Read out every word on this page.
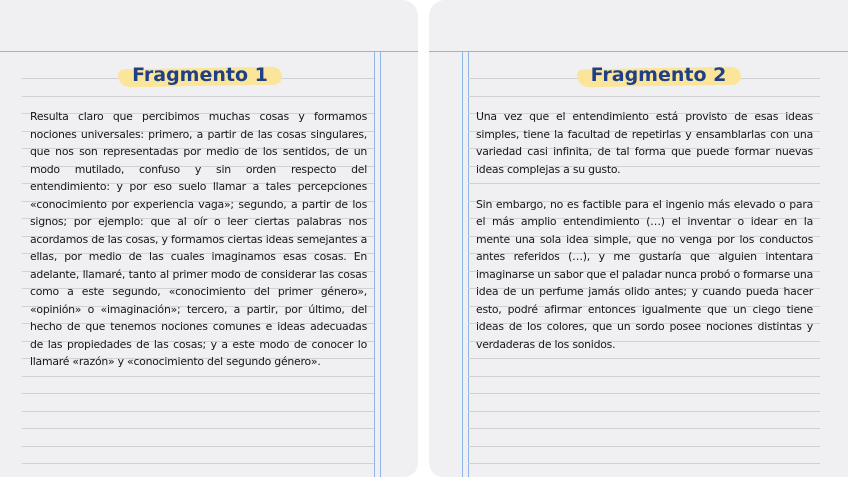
Fragmento 1

Resulta claro que percibimos muchas cosas y formamos nociones universales: primero, a partir de las cosas singulares, que nos son representadas por medio de los sentidos, de un modo mutilado, confuso y sin orden respecto del entendimiento: y por eso suelo llamar a tales percepciones «conocimiento por experiencia vaga»; segundo, a partir de los signos; por ejemplo: que al oír o leer ciertas palabras nos acordamos de las cosas, y formamos ciertas ideas semejantes a ellas, por medio de las cuales imaginamos esas cosas. En adelante, llamaré, tanto al primer modo de considerar las cosas como a este segundo, «conocimiento del primer género», «opinión» o «imaginación»; tercero, a partir, por último, del hecho de que tenemos nociones comunes e ideas adecuadas de las propiedades de las cosas; y a este modo de conocer lo llamaré «razón» y «conocimiento del segundo género».

Fragmento 2

Una vez que el entendimiento está provisto de esas ideas simples, tiene la facultad de repetirlas y ensamblarlas con una variedad casi infinita, de tal forma que puede formar nuevas ideas complejas a su gusto.

Sin embargo, no es factible para el ingenio más elevado o para el más amplio entendimiento (…) el inventar o idear en la mente una sola idea simple, que no venga por los conductos antes referidos (…), y me gustaría que alguien intentara imaginarse un sabor que el paladar nunca probó o formarse una idea de un perfume jamás olido antes; y cuando pueda hacer esto, podré afirmar entonces igualmente que un ciego tiene ideas de los colores, que un sordo posee nociones distintas y verdaderas de los sonidos.
